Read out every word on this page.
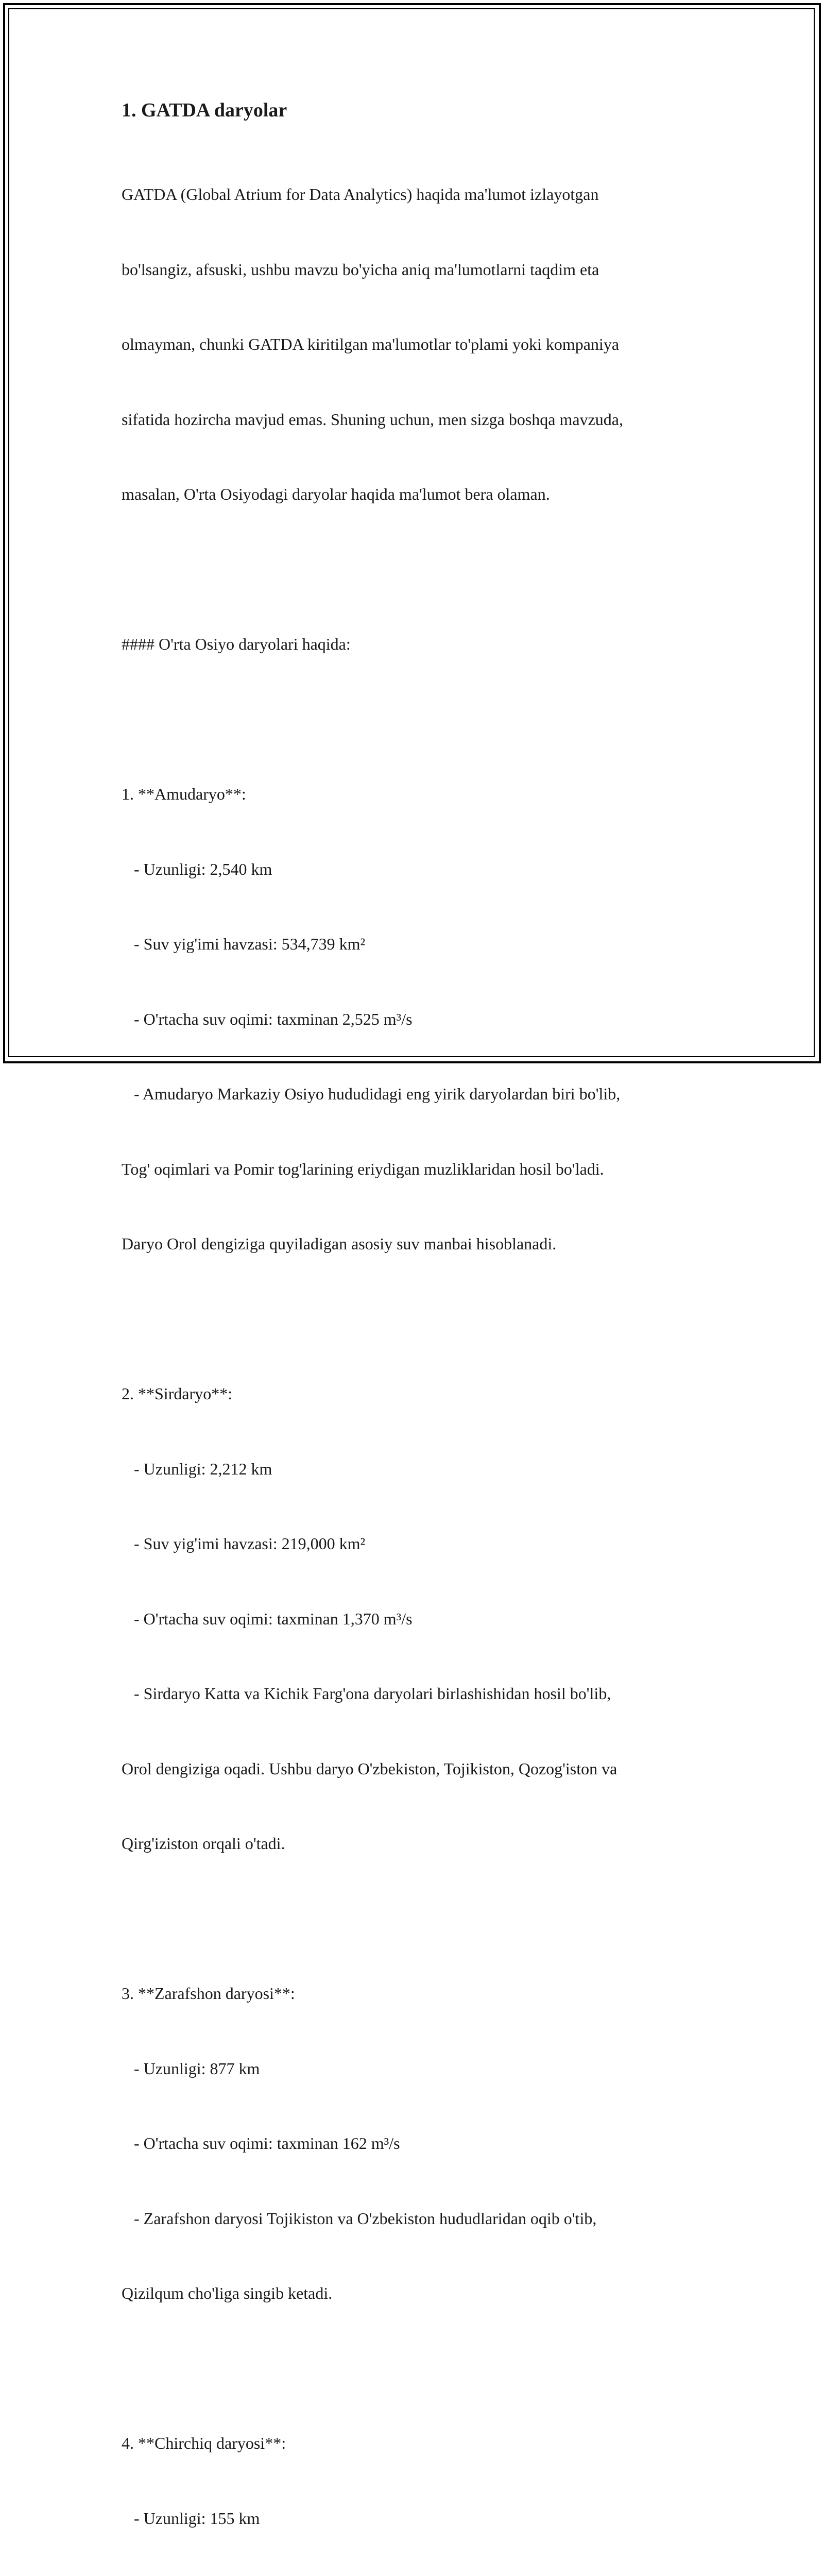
1. GATDA daryolar

GATDA (Global Atrium for Data Analytics) haqida ma'lumot izlayotgan

bo'lsangiz, afsuski, ushbu mavzu bo'yicha aniq ma'lumotlarni taqdim eta

olmayman, chunki GATDA kiritilgan ma'lumotlar to'plami yoki kompaniya

sifatida hozircha mavjud emas. Shuning uchun, men sizga boshqa mavzuda,

masalan, O'rta Osiyodagi daryolar haqida ma'lumot bera olaman.

#### O'rta Osiyo daryolari haqida:

1. **Amudaryo**:

- Uzunligi: 2,540 km

- Suv yig'imi havzasi: 534,739 km²

- O'rtacha suv oqimi: taxminan 2,525 m³/s

- Amudaryo Markaziy Osiyo hududidagi eng yirik daryolardan biri bo'lib,

Tog' oqimlari va Pomir tog'larining eriydigan muzliklaridan hosil bo'ladi.

Daryo Orol dengiziga quyiladigan asosiy suv manbai hisoblanadi.

2. **Sirdaryo**:

- Uzunligi: 2,212 km

- Suv yig'imi havzasi: 219,000 km²

- O'rtacha suv oqimi: taxminan 1,370 m³/s

- Sirdaryo Katta va Kichik Farg'ona daryolari birlashishidan hosil bo'lib,

Orol dengiziga oqadi. Ushbu daryo O'zbekiston, Tojikiston, Qozog'iston va

Qirg'iziston orqali o'tadi.

3. **Zarafshon daryosi**:

- Uzunligi: 877 km

- O'rtacha suv oqimi: taxminan 162 m³/s

- Zarafshon daryosi Tojikiston va O'zbekiston hududlaridan oqib o'tib,

Qizilqum cho'liga singib ketadi.

4. **Chirchiq daryosi**:

- Uzunligi: 155 km
